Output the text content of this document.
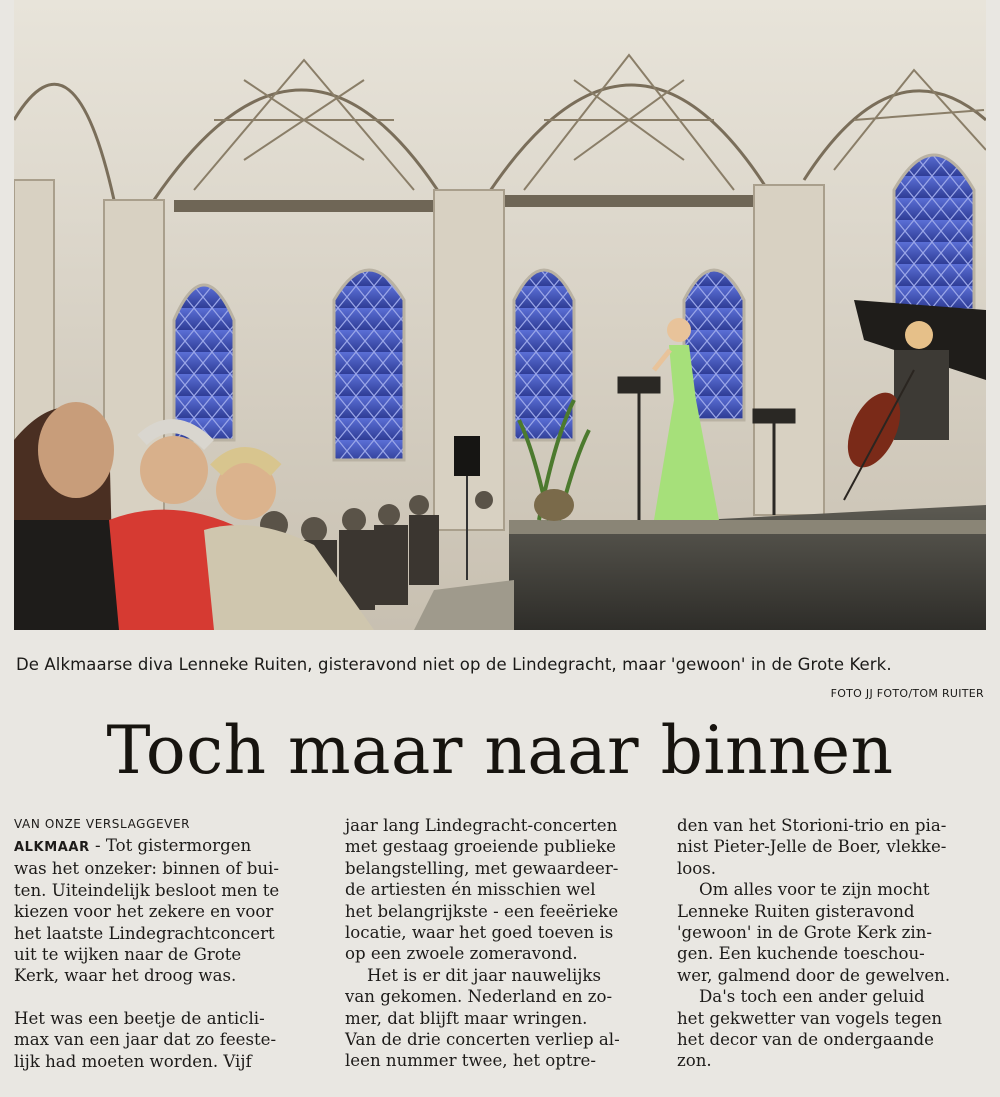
De Alkmaarse diva Lenneke Ruiten, gisteravond niet op de Lindegracht, maar 'gewoon' in de Grote Kerk.
FOTO JJ FOTO/TOM RUITER
Toch maar naar binnen
VAN ONZE VERSLAGGEVER
ALKMAAR - Tot gistermorgen
was het onzeker: binnen of bui-
ten. Uiteindelijk besloot men te
kiezen voor het zekere en voor
het laatste Lindegrachtconcert
uit te wijken naar de Grote
Kerk, waar het droog was.
Het was een beetje de anticli-
max van een jaar dat zo feeste-
lijk had moeten worden. Vijf
jaar lang Lindegracht-concerten
met gestaag groeiende publieke
belangstelling, met gewaardeer-
de artiesten én misschien wel
het belangrijkste - een feeërieke
locatie, waar het goed toeven is
op een zwoele zomeravond.
Het is er dit jaar nauwelijks
van gekomen. Nederland en zo-
mer, dat blijft maar wringen.
Van de drie concerten verliep al-
leen nummer twee, het optre-
den van het Storioni-trio en pia-
nist Pieter-Jelle de Boer, vlekke-
loos.
Om alles voor te zijn mocht
Lenneke Ruiten gisteravond
'gewoon' in de Grote Kerk zin-
gen. Een kuchende toeschou-
wer, galmend door de gewelven.
Da's toch een ander geluid
het gekwetter van vogels tegen
het decor van de ondergaande
zon.
